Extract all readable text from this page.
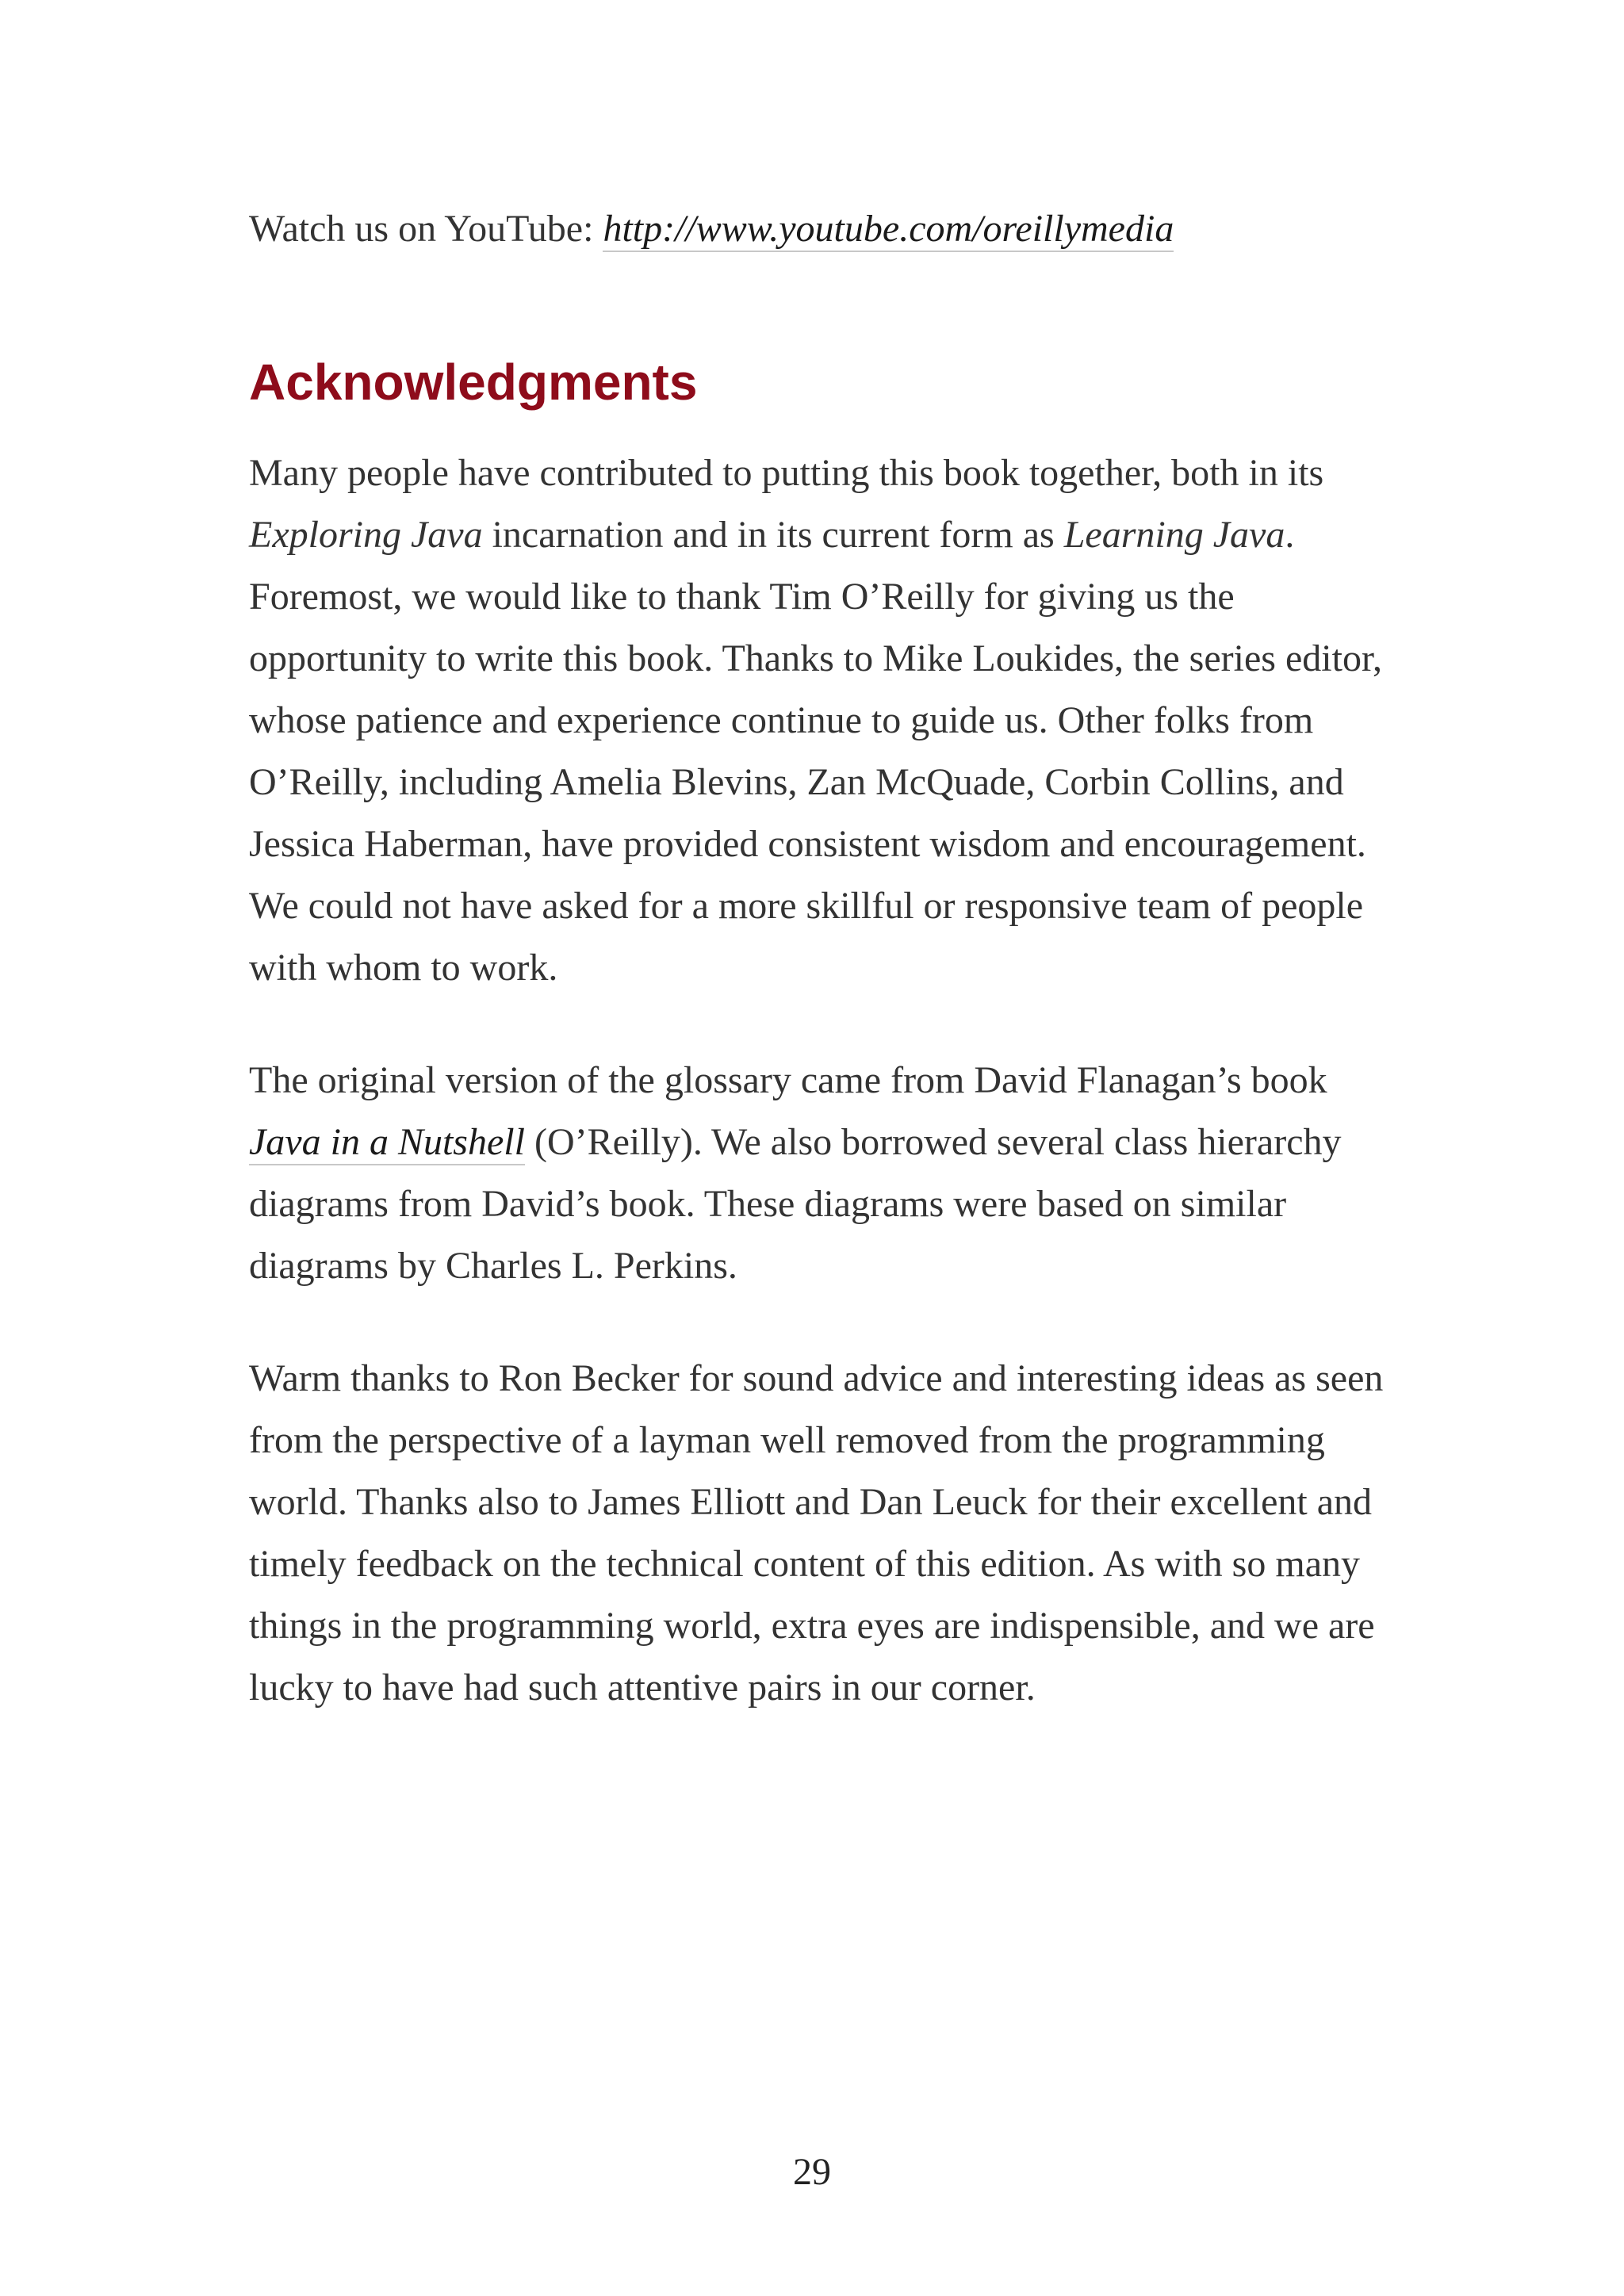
Watch us on YouTube: http://www.youtube.com/oreillymedia

Acknowledgments

Many people have contributed to putting this book together, both in its Exploring Java incarnation and in its current form as Learning Java. Foremost, we would like to thank Tim O’Reilly for giving us the opportunity to write this book. Thanks to Mike Loukides, the series editor, whose patience and experience continue to guide us. Other folks from O’Reilly, including Amelia Blevins, Zan McQuade, Corbin Collins, and Jessica Haberman, have provided consistent wisdom and encouragement. We could not have asked for a more skillful or responsive team of people with whom to work.

The original version of the glossary came from David Flanagan’s book Java in a Nutshell (O’Reilly). We also borrowed several class hierarchy diagrams from David’s book. These diagrams were based on similar diagrams by Charles L. Perkins.

Warm thanks to Ron Becker for sound advice and interesting ideas as seen from the perspective of a layman well removed from the programming world. Thanks also to James Elliott and Dan Leuck for their excellent and timely feedback on the technical content of this edition. As with so many things in the programming world, extra eyes are indispensible, and we are lucky to have had such attentive pairs in our corner.

29
